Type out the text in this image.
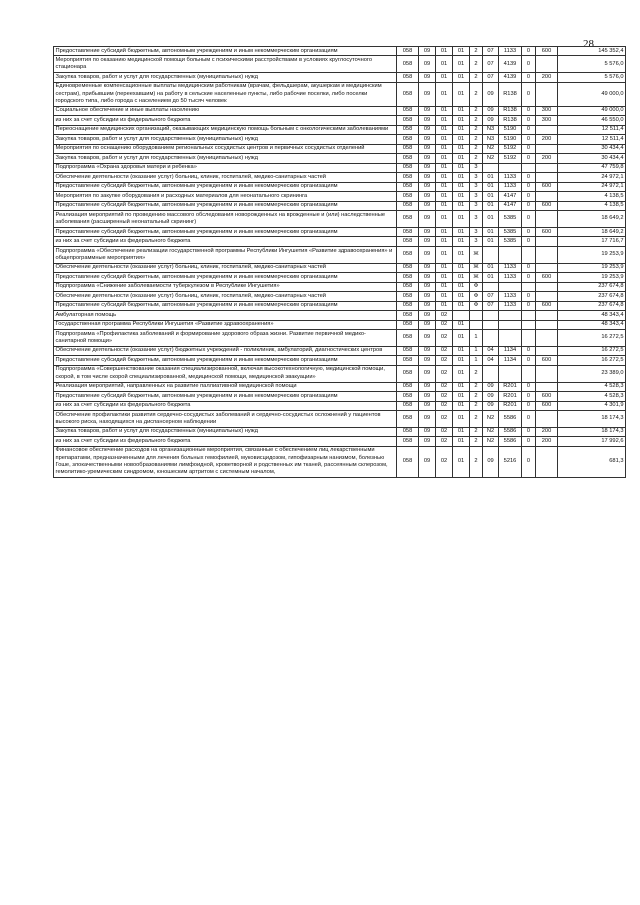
28
Предоставление субсидий бюджетным, автономным учреждениям и иным некоммерческим организациям	058	09	01	01	2	07	1133	0	600	145 352,4
Мероприятия по оказанию медицинской помощи больным с психическими расстройствами в условиях круглосуточного стационара	058	09	01	01	2	07	4139	0		5 576,0
Закупка товаров, работ и услуг для государственных (муниципальных) нужд	058	09	01	01	2	07	4139	0	200	5 576,0
Единовременные компенсационные выплаты медицинским работникам (врачам, фельдшерам, акушеркам и медицинским сестрам), прибывшим (переехавшим) на работу в сельские населенные пункты, либо рабочие поселки, либо поселки городского типа, либо города с населением до 50 тысяч человек	058	09	01	01	2	09	R138	0		49 000,0
Социальное обеспечение и иные выплаты населению	058	09	01	01	2	09	R138	0	300	49 000,0
из них за счет субсидии из федерального бюджета	058	09	01	01	2	09	R138	0	300	46 550,0
Переоснащение медицинских организаций, оказывающих медицинскую помощь больным с онкологическими заболеваниями	058	09	01	01	2	N3	5190	0		12 511,4
Закупка товаров, работ и услуг для государственных (муниципальных) нужд	058	09	01	01	2	N3	5190	0	200	12 511,4
Мероприятия по оснащению оборудованием региональных сосудистых центров и первичных сосудистых отделений	058	09	01	01	2	N2	5192	0		30 434,4
Закупка товаров, работ и услуг для государственных (муниципальных) нужд	058	09	01	01	2	N2	5192	0	200	30 434,4
Подпрограмма «Охрана здоровья матери и ребенка»	058	09	01	01	3					47 759,8
Обеспечение деятельности (оказание услуг) больниц, клиник, госпиталей, медико-санитарных частей	058	09	01	01	3	01	1133	0		24 972,1
Предоставление субсидий бюджетным, автономным учреждениям и иным некоммерческим организациям	058	09	01	01	3	01	1133	0	600	24 972,1
Мероприятия по закупке оборудования и расходных материалов для неонатального скрининга	058	09	01	01	3	01	4147	0		4 138,5
Предоставление субсидий бюджетным, автономным учреждениям и иным некоммерческим организациям	058	09	01	01	3	01	4147	0	600	4 138,5
Реализация мероприятий по проведению массового обследования новорожденных на врожденные и (или) наследственные заболевания (расширенный неонатальный скрининг)	058	09	01	01	3	01	5385	0		18 649,2
Предоставление субсидий бюджетным, автономным учреждениям и иным некоммерческим организациям	058	09	01	01	3	01	5385	0	600	18 649,2
из них за счет субсидии из федерального бюджета	058	09	01	01	3	01	5385	0		17 716,7
Подпрограмма «Обеспечение реализации государственной программы Республики Ингушетия «Развитие здравоохранения» и общепрограммные мероприятия»	058	09	01	01	Ж					19 253,9
Обеспечение деятельности (оказание услуг) больниц, клиник, госпиталей, медико-санитарных частей	058	09	01	01	Ж	01	1133	0		19 253,9
Предоставление субсидий бюджетным, автономным учреждениям и иным некоммерческим организациям	058	09	01	01	Ж	01	1133	0	600	19 253,9
Подпрограмма «Снижение заболеваемости туберкулезом в Республике Ингушетия»	058	09	01	01	Ф					237 674,8
Обеспечение деятельности (оказание услуг) больниц, клиник, госпиталей, медико-санитарных частей	058	09	01	01	Ф	07	1133	0		237 674,8
Предоставление субсидий бюджетным, автономным учреждениям и иным некоммерческим организациям	058	09	01	01	Ф	07	1133	0	600	237 674,8
Амбулаторная помощь	058	09	02							48 343,4
Государственная программа Республики Ингушетия «Развитие здравоохранения»	058	09	02	01						48 343,4
Подпрограмма «Профилактика заболеваний и формирование здорового образа жизни. Развитие первичной медико-санитарной помощи»	058	09	02	01	1					16 272,5
Обеспечение деятельности (оказание услуг) бюджетных учреждений - поликлиник, амбулаторий, диагностических центров	058	09	02	01	1	04	1134	0		16 272,5
Предоставление субсидий бюджетным, автономным учреждениям и иным некоммерческим организациям	058	09	02	01	1	04	1134	0	600	16 272,5
Подпрограмма «Совершенствование оказания специализированной, включая высокотехнологичную, медицинской помощи, скорой, в том числе скорой специализированной, медицинской помощи, медицинской эвакуации»	058	09	02	01	2					23 389,0
Реализация мероприятий, направленных на развитие паллиативной медицинской помощи	058	09	02	01	2	09	R201	0		4 528,3
Предоставление субсидий бюджетным, автономным учреждениям и иным некоммерческим организациям	058	09	02	01	2	09	R201	0	600	4 528,3
из них за счет субсидии из федерального бюджета	058	09	02	01	2	09	R201	0	600	4 301,9
Обеспечение профилактики развития сердечно-сосудистых заболеваний и сердечно-сосудистых осложнений у пациентов высокого риска, находящихся на диспансерном наблюдении	058	09	02	01	2	N2	5586	0		18 174,3
Закупка товаров, работ и услуг для государственных (муниципальных) нужд	058	09	02	01	2	N2	5586	0	200	18 174,3
из них за счет субсидии из федерального бюджета	058	09	02	01	2	N2	5586	0	200	17 992,6
Финансовое обеспечение расходов на организационные мероприятия, связанные с обеспечением лиц лекарственными препаратами, предназначенными для лечения больных гемофилией, муковисцидозом, гипофизарным нанизмом, болезнью Гоше, злокачественными новообразованиями лимфоидной, кроветворной и родственных им тканей, рассеянным склерозом, гемолитико-уремическим синдромом, юношеским артритом с системным началом,	058	09	02	01	2	09	5216	0		681,3
